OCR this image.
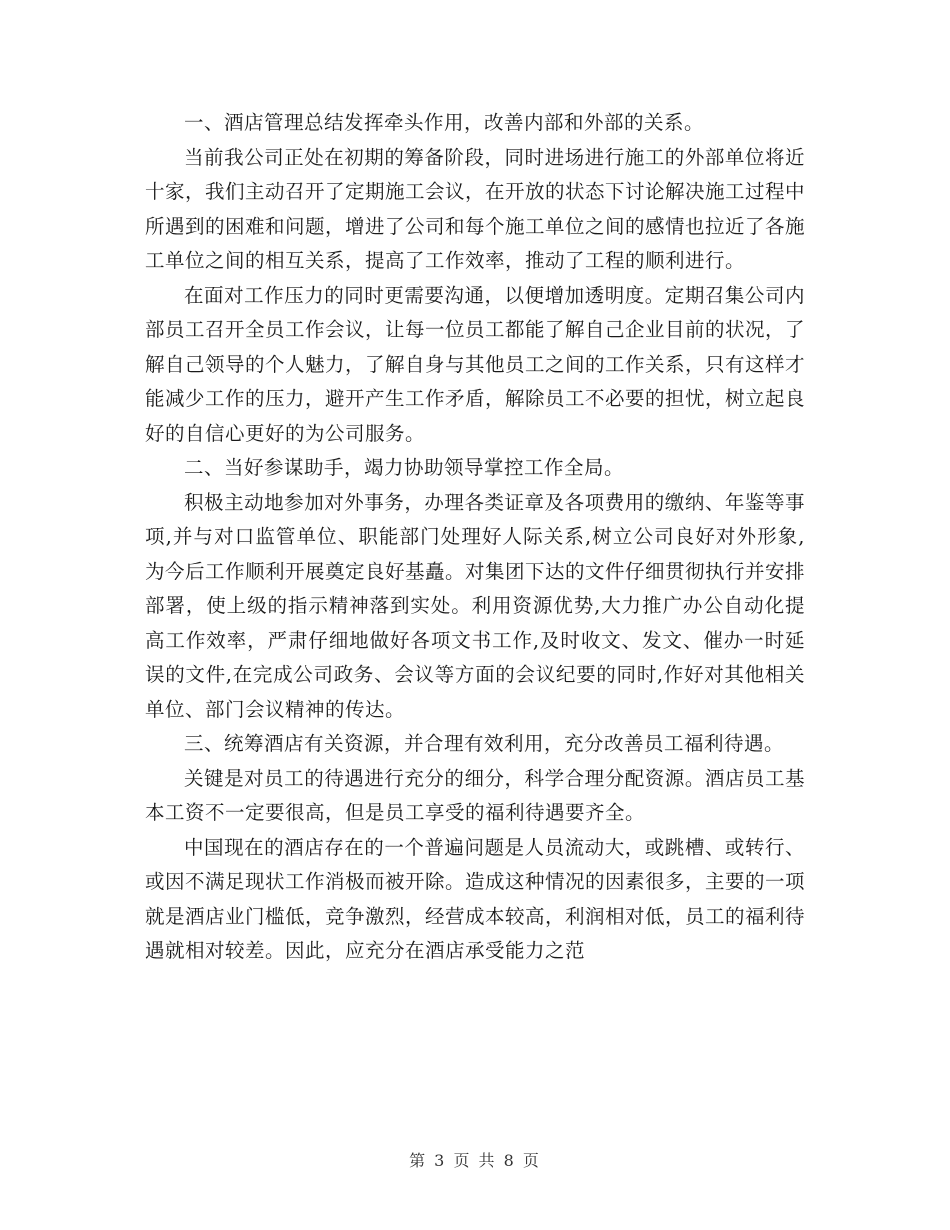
一、酒店管理总结发挥牵头作用，改善内部和外部的关系。

当前我公司正处在初期的筹备阶段，同时进场进行施工的外部单位将近十家，我们主动召开了定期施工会议，在开放的状态下讨论解决施工过程中所遇到的困难和问题，增进了公司和每个施工单位之间的感情也拉近了各施工单位之间的相互关系，提高了工作效率，推动了工程的顺利进行。

在面对工作压力的同时更需要沟通，以便增加透明度。定期召集公司内部员工召开全员工作会议，让每一位员工都能了解自己企业目前的状况，了解自己领导的个人魅力，了解自身与其他员工之间的工作关系，只有这样才能减少工作的压力，避开产生工作矛盾，解除员工不必要的担忧，树立起良好的自信心更好的为公司服务。

二、当好参谋助手，竭力协助领导掌控工作全局。

积极主动地参加对外事务，办理各类证章及各项费用的缴纳、年鉴等事项,并与对口监管单位、职能部门处理好人际关系,树立公司良好对外形象,为今后工作顺利开展奠定良好基矗。对集团下达的文件仔细贯彻执行并安排部署，使上级的指示精神落到实处。利用资源优势,大力推广办公自动化提高工作效率，严肃仔细地做好各项文书工作,及时收文、发文、催办一时延误的文件,在完成公司政务、会议等方面的会议纪要的同时,作好对其他相关单位、部门会议精神的传达。

三、统筹酒店有关资源，并合理有效利用，充分改善员工福利待遇。

关键是对员工的待遇进行充分的细分，科学合理分配资源。酒店员工基本工资不一定要很高，但是员工享受的福利待遇要齐全。

中国现在的酒店存在的一个普遍问题是人员流动大，或跳槽、或转行、或因不满足现状工作消极而被开除。造成这种情况的因素很多，主要的一项就是酒店业门槛低，竞争激烈，经营成本较高，利润相对低，员工的福利待遇就相对较差。因此，应充分在酒店承受能力之范

第 3 页 共 8 页
